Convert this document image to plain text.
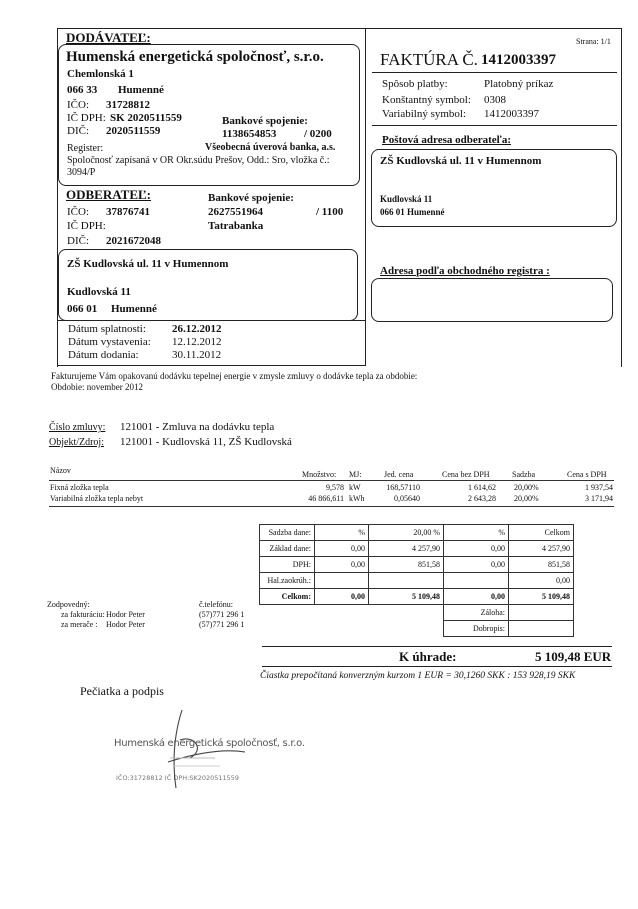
Strana: 1/1
DODÁVATEĽ:
Humenská energetická spoločnosť, s.r.o.
Chemlonská 1
066 33 Humenné
IČO: 31728812
IČ DPH: SK 2020511559
DIČ: 2020511559
Bankové spojenie:
1138654853	/ 0200
Register:	Všeobecná úverová banka, a.s.
Spoločnosť zapísaná v OR Okr.súdu Prešov, Odd.: Sro, vložka č.:
3094/P
ODBERATEĽ:
IČO: 37876741
IČ DPH:
DIČ: 2021672048
Bankové spojenie:
2627551964	/ 1100
Tatrabanka
ZŠ Kudlovská ul. 11 v Humennom
Kudlovská 11
066 01 Humenné
Dátum splatnosti: 26.12.2012
Dátum vystavenia: 12.12.2012
Dátum dodania:	30.11.2012
FAKTÚRA Č. 1412003397
Spôsob platby:	Platobný príkaz
Konštantný symbol: 0308
Variabilný symbol: 1412003397
Poštová adresa odberateľa:
ZŠ Kudlovská ul. 11 v Humennom
Kudlovská 11
066 01 Humenné
Adresa podľa obchodného registra :
Fakturujeme Vám opakovanú dodávku tepelnej energie v zmysle zmluvy o dodávke tepla za obdobie:
Obdobie: november 2012
Číslo zmluvy: 121001 - Zmluva na dodávku tepla
Objekt/Zdroj: 121001 - Kudlovská 11, ZŠ Kudlovská
Názov	Množstvo: MJ:	Jed. cena	Cena bez DPH	Sadzba	Cena s DPH
Fixná zložka tepla	9,578 kW	168,57110	1 614,62 20,00%	1 937,54
Variabilná zložka tepla nebyt	46 866,611 kWh	0,05640	2 643,28 20,00%	3 171,94
Sadzba dane:	%	20,00 %	%	Celkom
Základ dane:	0,00	4 257,90	0,00	4 257,90
DPH:	0,00	851,58	0,00	851,58
Hal.zaokrúh.:				0,00
Celkom:	0,00	5 109,48	0,00	5 109,48
			Záloha:	
			Dobropis:	
Zodpovedný:	č.telefónu:
za fakturáciu: Hodor Peter	(57)771 296 1
za merače : Hodor Peter	(57)771 296 1
K úhrade:	5 109,48 EUR
Čiastka prepočítaná konverzným kurzom 1 EUR = 30,1260 SKK : 153 928,19 SKK
Pečiatka a podpis
Humenská energetická spoločnosť, s.r.o.
IČO:31728812 IČ DPH:SK2020511559
